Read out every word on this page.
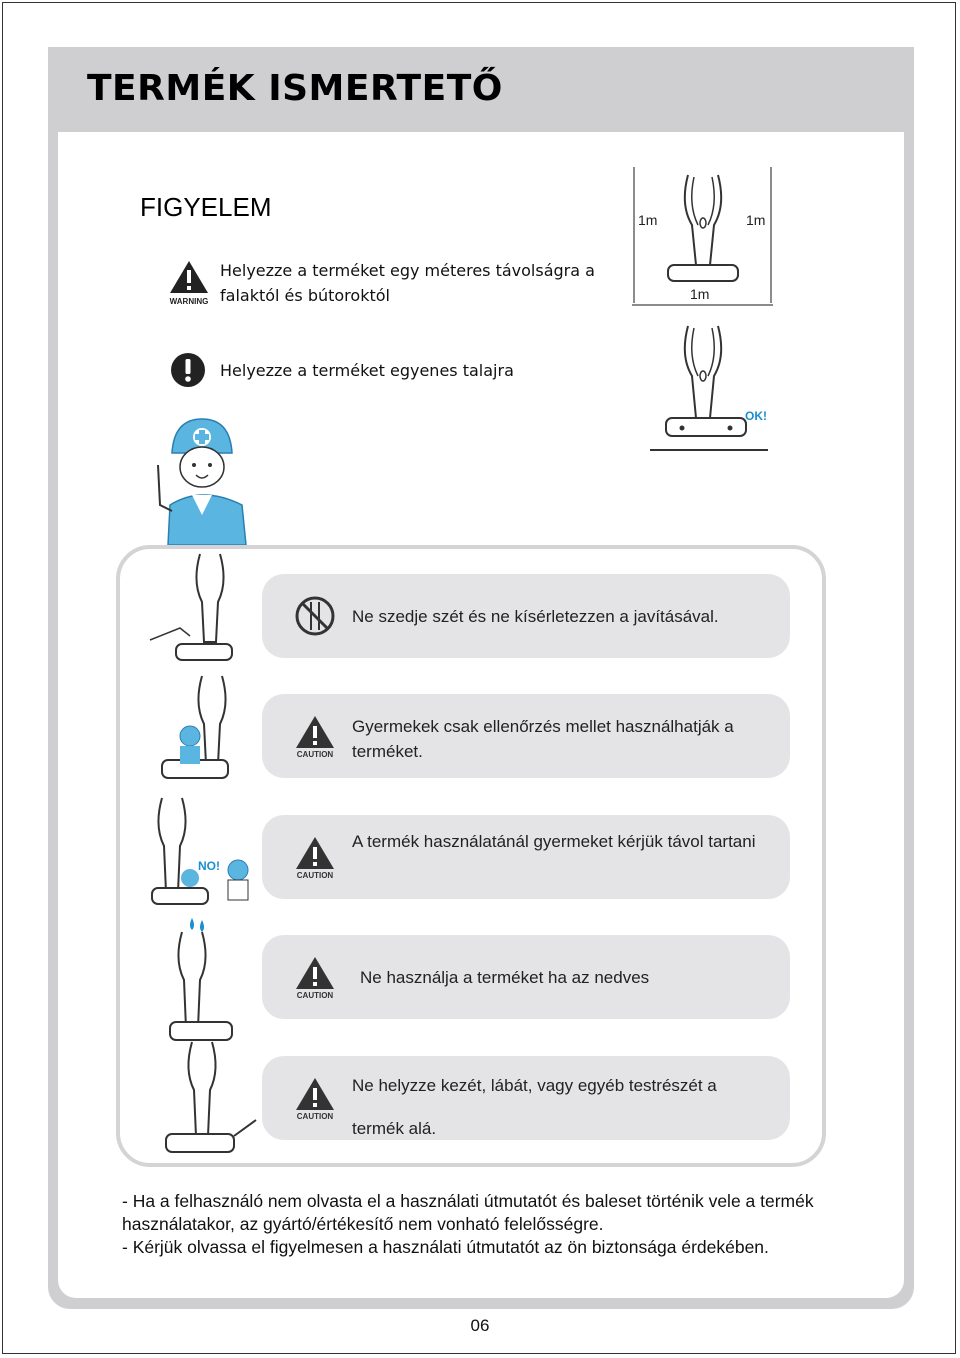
TERMÉK ISMERTETŐ
FIGYELEM
WARNING
Helyezze a terméket egy méteres távolságra a falaktól és bútoroktól
Helyezze a terméket egyenes talajra
1m	1m
1m
OK!
NO!
Ne szedje szét és ne kísérletezzen a javításával.
CAUTION
Gyermekek csak ellenőrzés mellet használhatják a terméket.
CAUTION
A termék használatánál gyermeket kérjük távol tartani
CAUTION
Ne használja a terméket ha az nedves
CAUTION
Ne helyzze kezét, lábát, vagy egyéb testrészét a
termék alá.

- Ha a felhasználó nem olvasta el a használati útmutatót és baleset történik vele a termék használatakor, az gyártó/értékesítő nem vonható felelősségre.

- Kérjük olvassa el figyelmesen a használati útmutatót az ön biztonsága érdekében.

06
